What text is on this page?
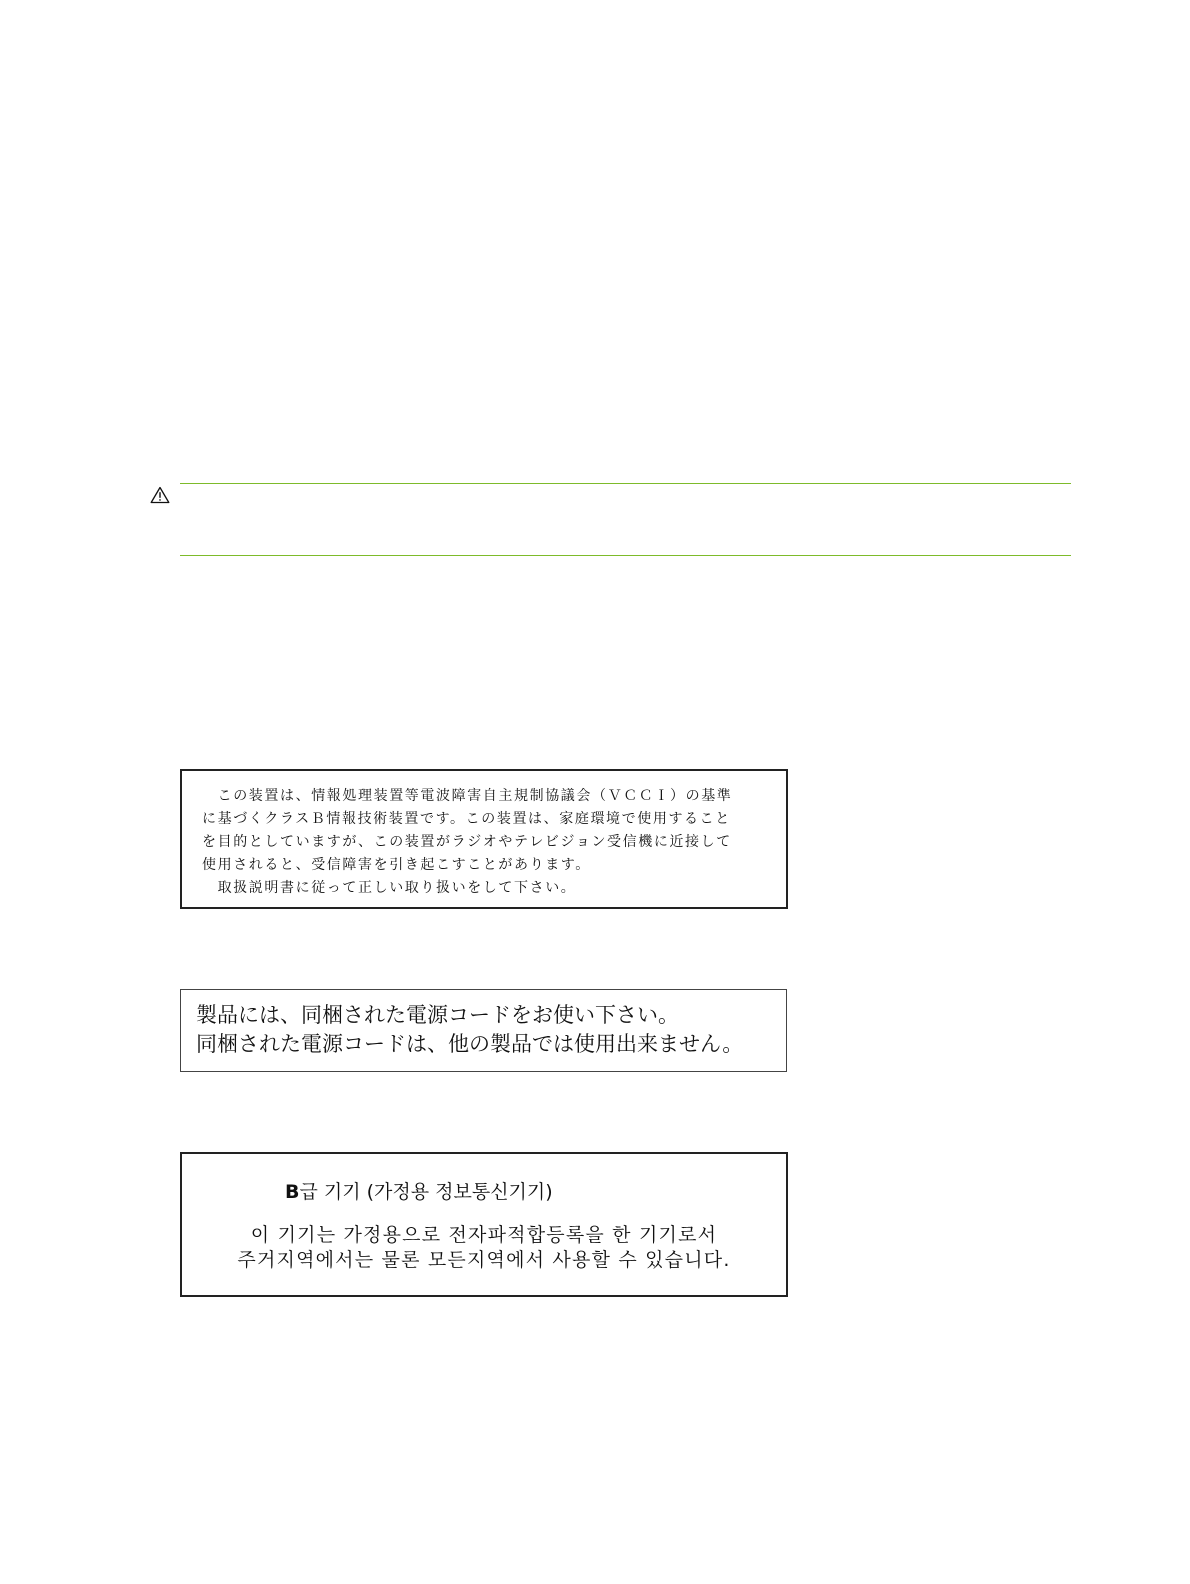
　この装置は、情報処理装置等電波障害自主規制協議会（ＶＣＣＩ）の基準
に基づくクラスＢ情報技術装置です。この装置は、家庭環境で使用すること
を目的としていますが、この装置がラジオやテレビジョン受信機に近接して
使用されると、受信障害を引き起こすことがあります。
　取扱説明書に従って正しい取り扱いをして下さい。
製品には、同梱された電源コードをお使い下さい。
同梱された電源コードは、他の製品では使用出来ません。
B급 기기 (가정용 정보통신기기)
이 기기는 가정용으로 전자파적합등록을 한 기기로서
주거지역에서는 물론 모든지역에서 사용할 수 있습니다.
